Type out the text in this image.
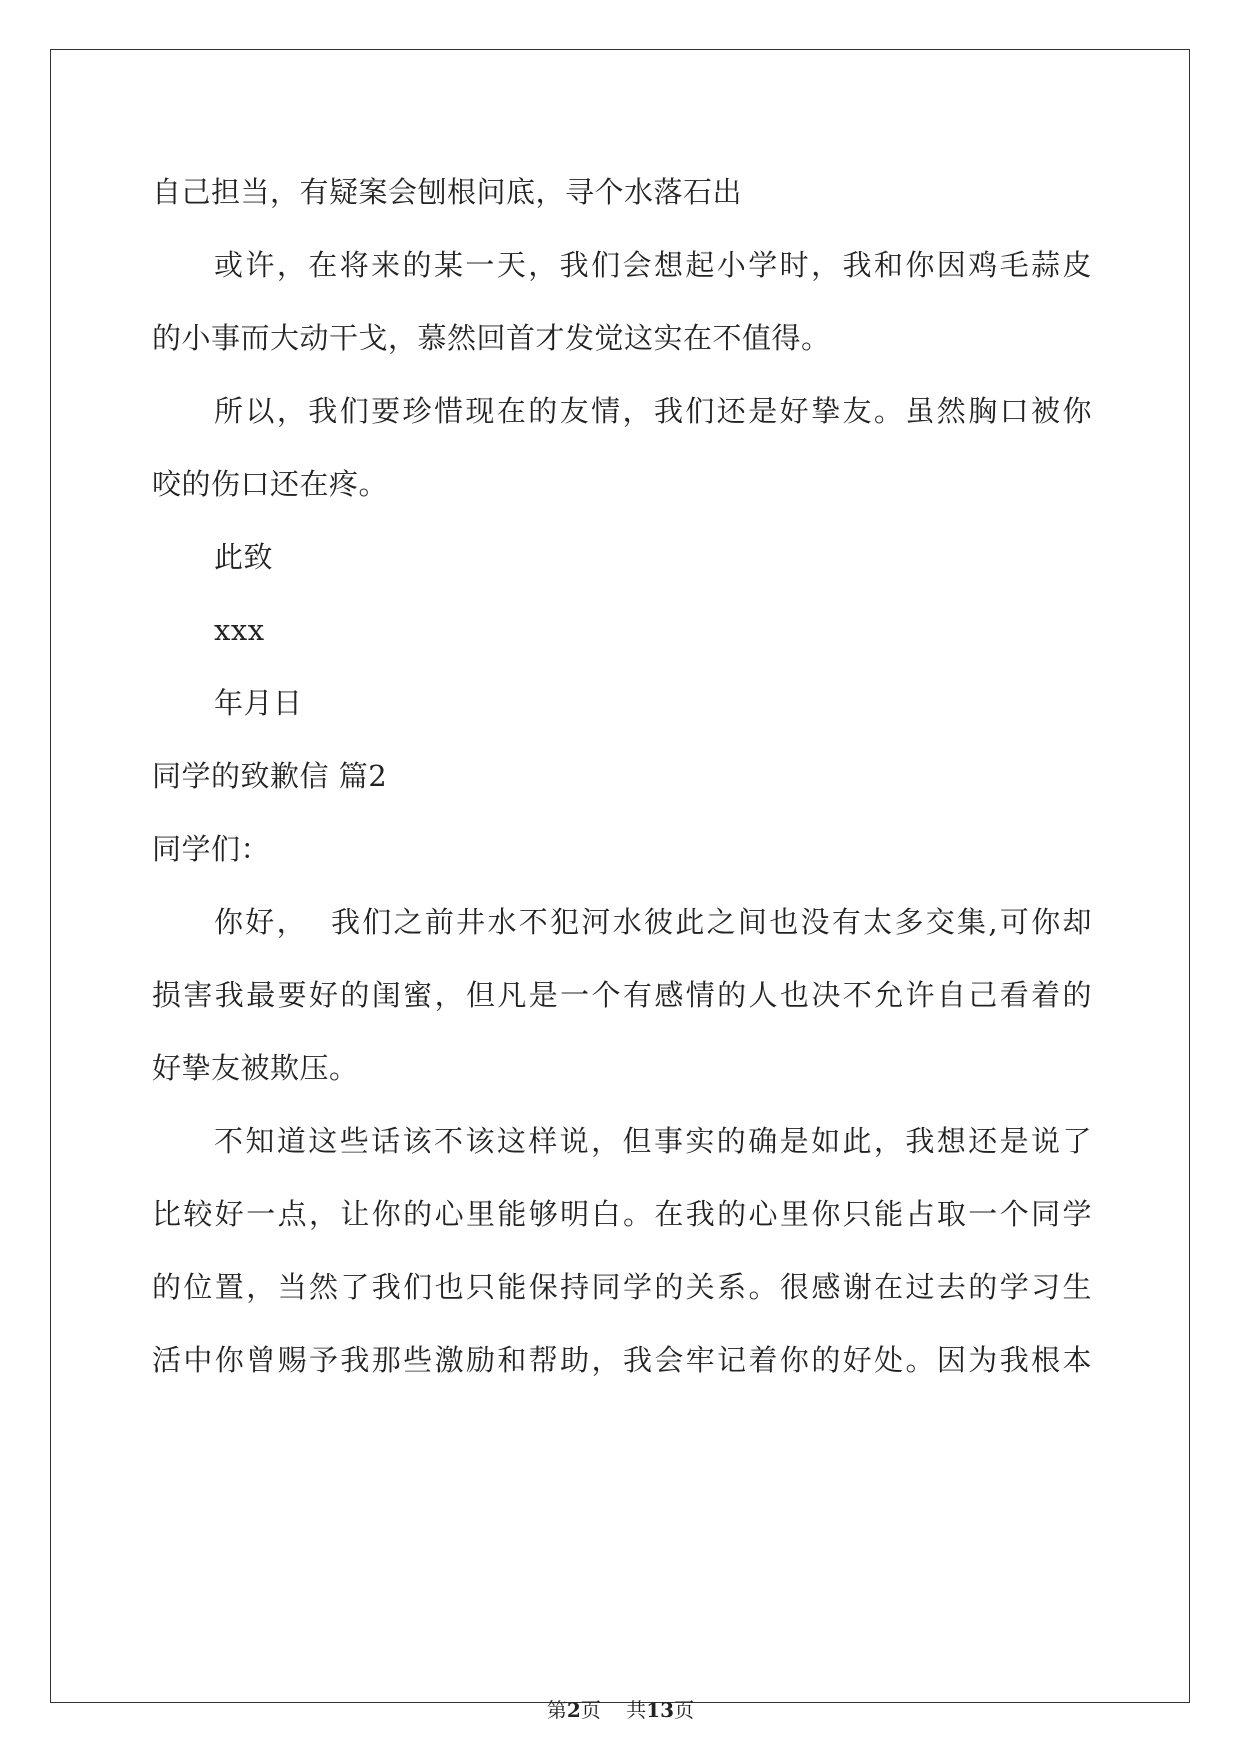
自己担当，有疑案会刨根问底，寻个水落石出
或许，在将来的某一天，我们会想起小学时，我和你因鸡毛蒜皮
的小事而大动干戈，慕然回首才发觉这实在不值得。
所以，我们要珍惜现在的友情，我们还是好挚友。虽然胸口被你
咬的伤口还在疼。
此致
xxx
年月日
同学的致歉信 篇2
同学们：
你好，  我们之前井水不犯河水彼此之间也没有太多交集,可你却
损害我最要好的闺蜜，但凡是一个有感情的人也决不允许自己看着的
好挚友被欺压。
不知道这些话该不该这样说，但事实的确是如此，我想还是说了
比较好一点，让你的心里能够明白。在我的心里你只能占取一个同学
的位置，当然了我们也只能保持同学的关系。很感谢在过去的学习生
活中你曾赐予我那些激励和帮助，我会牢记着你的好处。因为我根本
第2页 共13页
